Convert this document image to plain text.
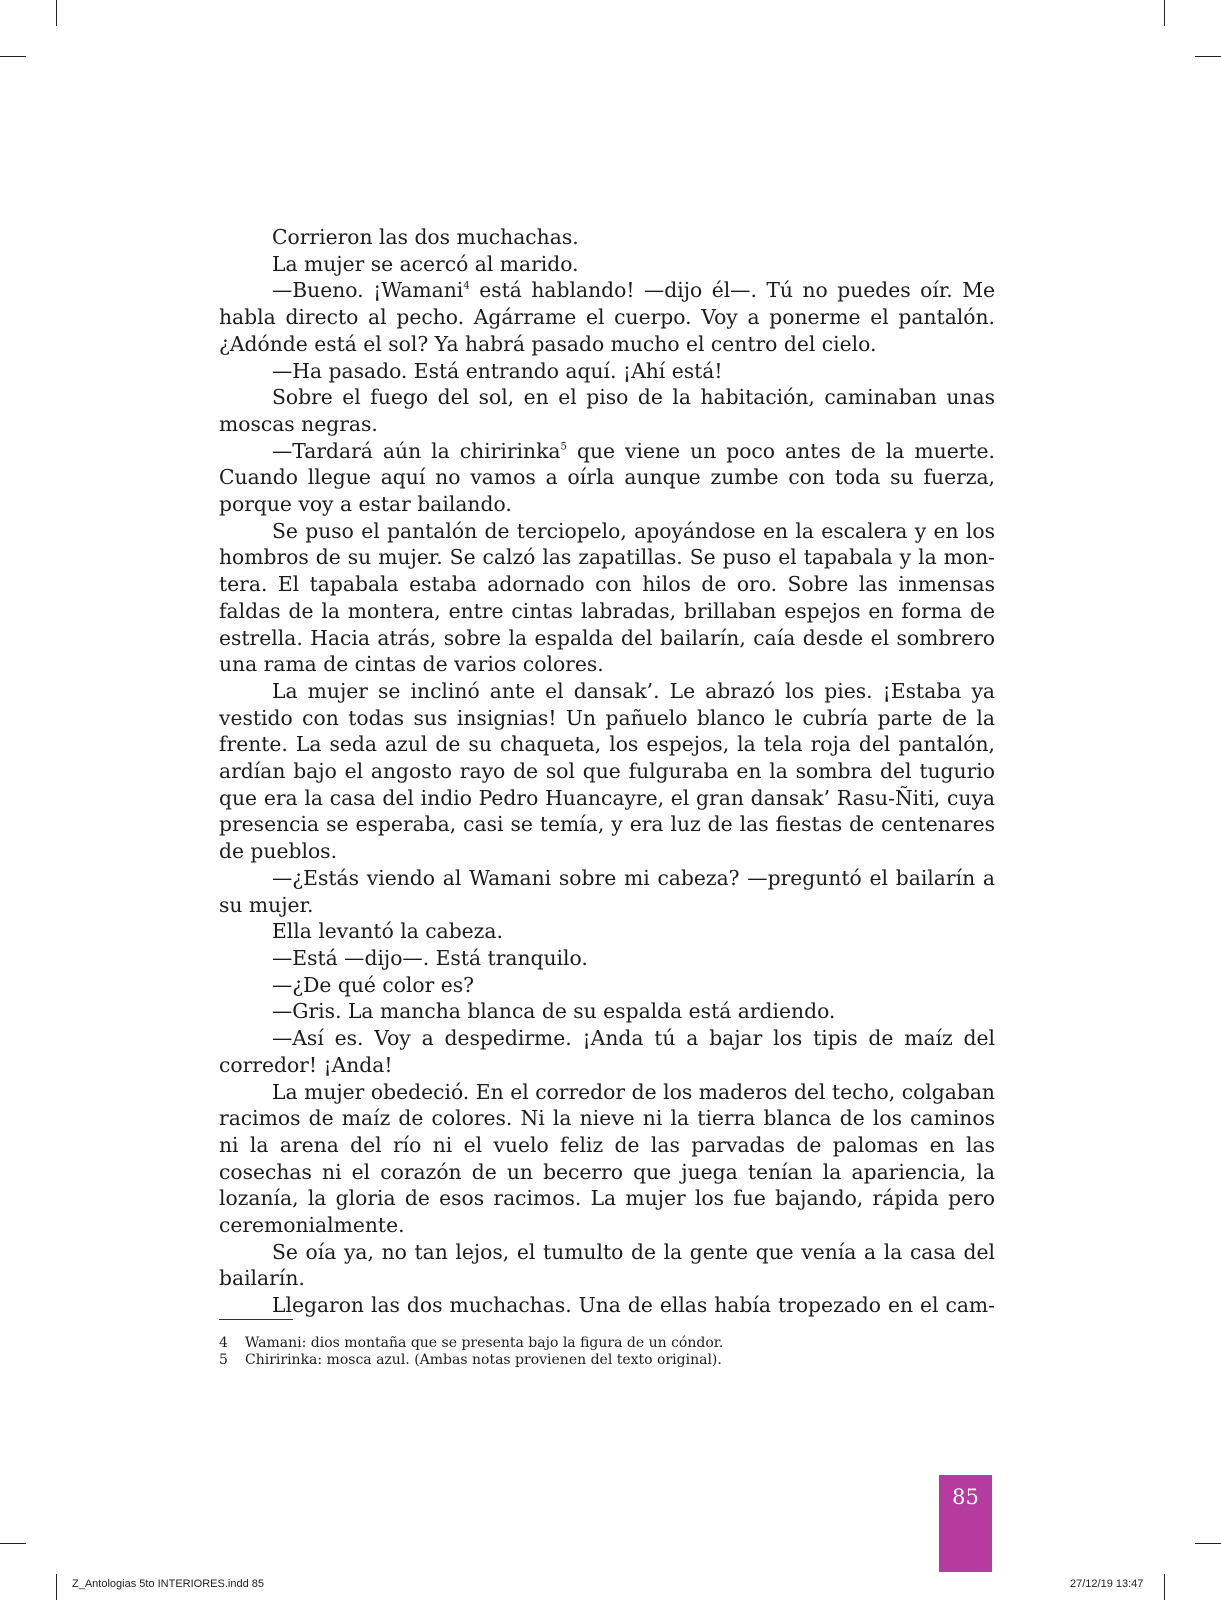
Corrieron las dos muchachas.

La mujer se acercó al marido.

—Bueno. ¡Wamani$^4$ está hablando! —dijo él—. Tú no puedes oír. Me habla directo al pecho. Agárrame el cuerpo. Voy a ponerme el pantalón. ¿Adónde está el sol? Ya habrá pasado mucho el centro del cielo.

—Ha pasado. Está entrando aquí. ¡Ahí está!

Sobre el fuego del sol, en el piso de la habitación, caminaban unas moscas negras.

—Tardará aún la chiririnka$^5$ que viene un poco antes de la muerte. Cuando llegue aquí no vamos a oírla aunque zumbe con toda su fuerza, porque voy a estar bailando.

Se puso el pantalón de terciopelo, apoyándose en la escalera y en los hombros de su mujer. Se calzó las zapatillas. Se puso el tapabala y la montera. El tapabala estaba adornado con hilos de oro. Sobre las inmensas faldas de la montera, entre cintas labradas, brillaban espejos en forma de estrella. Hacia atrás, sobre la espalda del bailarín, caía desde el sombrero una rama de cintas de varios colores.

La mujer se inclinó ante el dansak’. Le abrazó los pies. ¡Estaba ya vestido con todas sus insignias! Un pañuelo blanco le cubría parte de la frente. La seda azul de su chaqueta, los espejos, la tela roja del pantalón, ardían bajo el angosto rayo de sol que fulguraba en la sombra del tugurio que era la casa del indio Pedro Huancayre, el gran dansak’ Rasu-Ñiti, cuya presencia se esperaba, casi se temía, y era luz de las fiestas de centenares de pueblos.

—¿Estás viendo al Wamani sobre mi cabeza? —preguntó el bailarín a su mujer.

Ella levantó la cabeza.

—Está —dijo—. Está tranquilo.

—¿De qué color es?

—Gris. La mancha blanca de su espalda está ardiendo.

—Así es. Voy a despedirme. ¡Anda tú a bajar los tipis de maíz del corredor! ¡Anda!

La mujer obedeció. En el corredor de los maderos del techo, colgaban racimos de maíz de colores. Ni la nieve ni la tierra blanca de los caminos ni la arena del río ni el vuelo feliz de las parvadas de palomas en las cosechas ni el corazón de un becerro que juega tenían la apariencia, la lozanía, la gloria de esos racimos. La mujer los fue bajando, rápida pero ceremonialmente.

Se oía ya, no tan lejos, el tumulto de la gente que venía a la casa del bailarín.

Llegaron las dos muchachas. Una de ellas había tropezado en el cam-

4	Wamani: dios montaña que se presenta bajo la figura de un cóndor.
5	Chiririnka: mosca azul. (Ambas notas provienen del texto original).
85
Z_Antologias 5to INTERIORES.indd 85	27/12/19 13:47
